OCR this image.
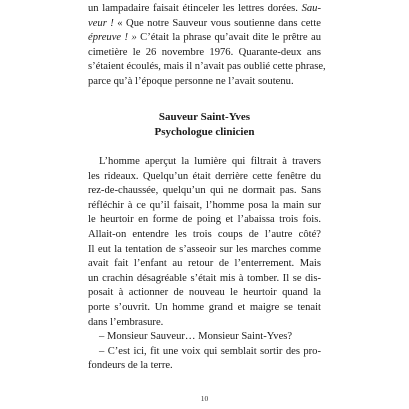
un lampadaire faisait étinceler les lettres dorées. Sau-
veur ! « Que notre Sauveur vous soutienne dans cette
épreuve ! » C’était la phrase qu’avait dite le prêtre au
cimetière le 26 novembre 1976. Quarante-deux ans
s’étaient écoulés, mais il n’avait pas oublié cette phrase,
parce qu’à l’époque personne ne l’avait soutenu.
Sauveur Saint-Yves
Psychologue clinicien
L’homme aperçut la lumière qui filtrait à travers
les rideaux. Quelqu’un était derrière cette fenêtre du
rez-de-chaussée, quelqu’un qui ne dormait pas. Sans
réfléchir à ce qu’il faisait, l’homme posa la main sur
le heurtoir en forme de poing et l’abaissa trois fois.
Allait-on entendre les trois coups de l’autre côté?
Il eut la tentation de s’asseoir sur les marches comme
avait fait l’enfant au retour de l’enterrement. Mais
un crachin désagréable s’était mis à tomber. Il se dis-
posait à actionner de nouveau le heurtoir quand la
porte s’ouvrit. Un homme grand et maigre se tenait
dans l’embrasure.
10
– Monsieur Sauveur… Monsieur Saint-Yves?
– C’est ici, fit une voix qui semblait sortir des pro-
fondeurs de la terre.
